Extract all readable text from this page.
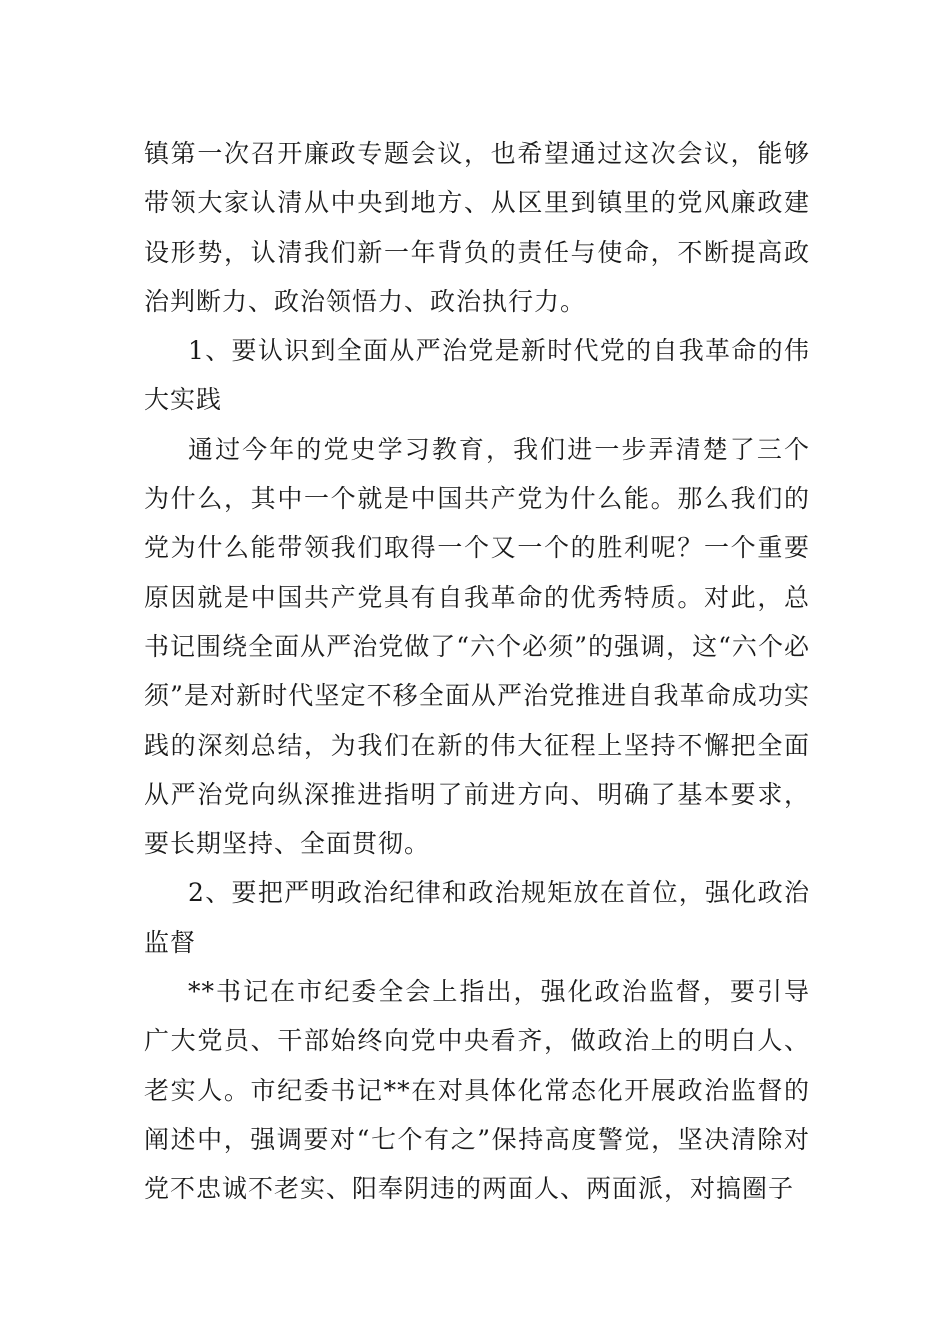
镇第一次召开廉政专题会议，也希望通过这次会议，能够带领大家认清从中央到地方、从区里到镇里的党风廉政建设形势，认清我们新一年背负的责任与使命，不断提高政治判断力、政治领悟力、政治执行力。

1、要认识到全面从严治党是新时代党的自我革命的伟大实践

通过今年的党史学习教育，我们进一步弄清楚了三个为什么，其中一个就是中国共产党为什么能。那么我们的党为什么能带领我们取得一个又一个的胜利呢？一个重要原因就是中国共产党具有自我革命的优秀特质。对此，总书记围绕全面从严治党做了“六个必须”的强调，这“六个必须”是对新时代坚定不移全面从严治党推进自我革命成功实践的深刻总结，为我们在新的伟大征程上坚持不懈把全面从严治党向纵深推进指明了前进方向、明确了基本要求，要长期坚持、全面贯彻。

2、要把严明政治纪律和政治规矩放在首位，强化政治监督

**书记在市纪委全会上指出，强化政治监督，要引导广大党员、干部始终向党中央看齐，做政治上的明白人、老实人。市纪委书记**在对具体化常态化开展政治监督的阐述中，强调要对“七个有之”保持高度警觉，坚决清除对党不忠诚不老实、阳奉阴违的两面人、两面派，对搞圈子
